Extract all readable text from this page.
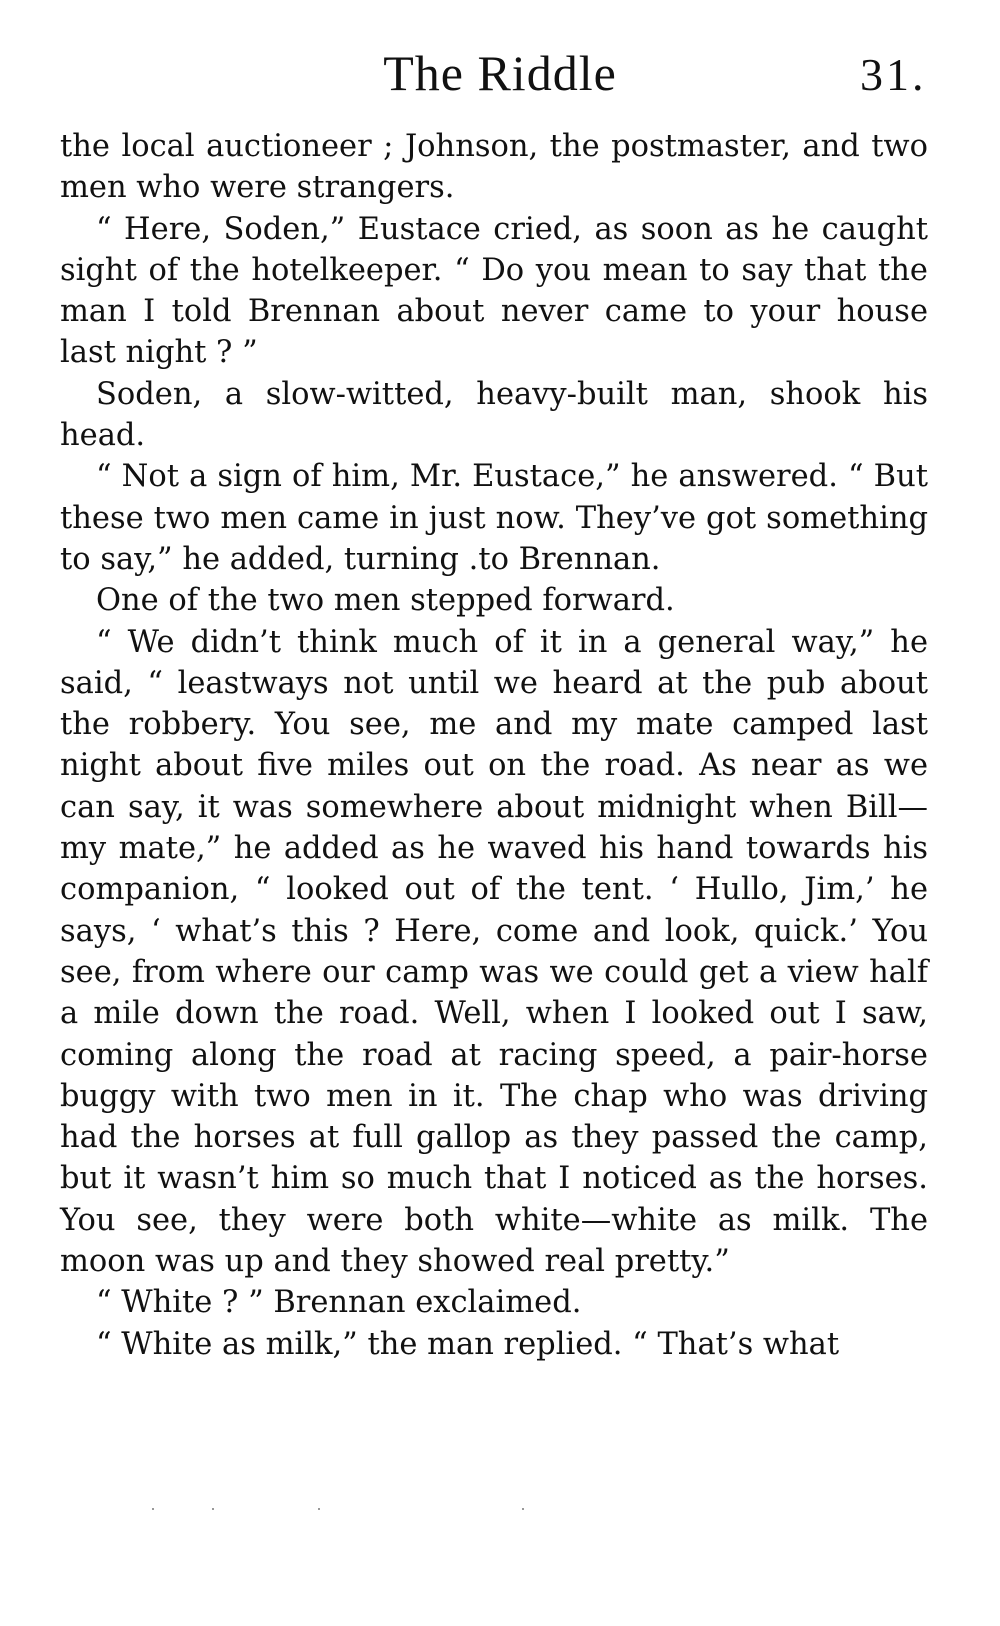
The Riddle	31.

the local auctioneer ; Johnson, the postmaster, and two men who were strangers.

“ Here, Soden,” Eustace cried, as soon as he caught sight of the hotelkeeper. “ Do you mean to say that the man I told Brennan about never came to your house last night ? ”

Soden, a slow-witted, heavy-built man, shook his head.

“ Not a sign of him, Mr. Eustace,” he answered. “ But these two men came in just now. They’ve got something to say,” he added, turning .to Brennan.

One of the two men stepped forward.

“ We didn’t think much of it in a general way,” he said, “ leastways not until we heard at the pub about the robbery. You see, me and my mate camped last night about five miles out on the road. As near as we can say, it was somewhere about midnight when Bill—my mate,” he added as he waved his hand towards his companion, “ looked out of the tent. ‘ Hullo, Jim,’ he says, ‘ what’s this ? Here, come and look, quick.’ You see, from where our camp was we could get a view half a mile down the road. Well, when I looked out I saw, coming along the road at racing speed, a pair-horse buggy with two men in it. The chap who was driving had the horses at full gallop as they passed the camp, but it wasn’t him so much that I noticed as the horses. You see, they were both white—white as milk. The moon was up and they showed real pretty.”

“ White ? ” Brennan exclaimed.

“ White as milk,” the man replied. “ That’s what
